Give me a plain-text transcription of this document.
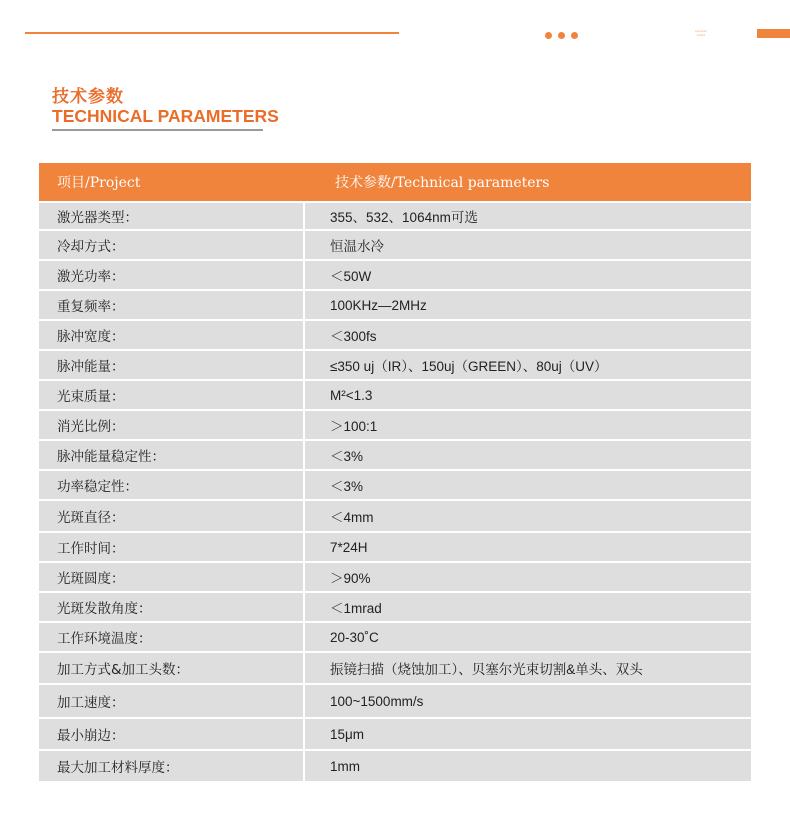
xxxxxxx
xxxxx
技术参数
TECHNICAL PARAMETERS
项目/Project	技术参数/Technical parameters
激光器类型：	355、532、1064nm可选
冷却方式：	恒温水冷
激光功率：	＜50W
重复频率：	100KHz—2MHz
脉冲宽度：	＜300fs
脉冲能量：	≤350 uj（IR）、150uj（GREEN）、80uj（UV）
光束质量：	M²<1.3
消光比例：	＞100:1
脉冲能量稳定性：	＜3%
功率稳定性：	＜3%
光斑直径：	＜4mm
工作时间：	7*24H
光斑圆度：	＞90%
光斑发散角度：	＜1mrad
工作环境温度：	20-30˚C
加工方式&加工头数：	振镜扫描（烧蚀加工）、贝塞尔光束切割&单头、双头
加工速度：	100~1500mm/s
最小崩边：	15μm
最大加工材料厚度：	1mm
